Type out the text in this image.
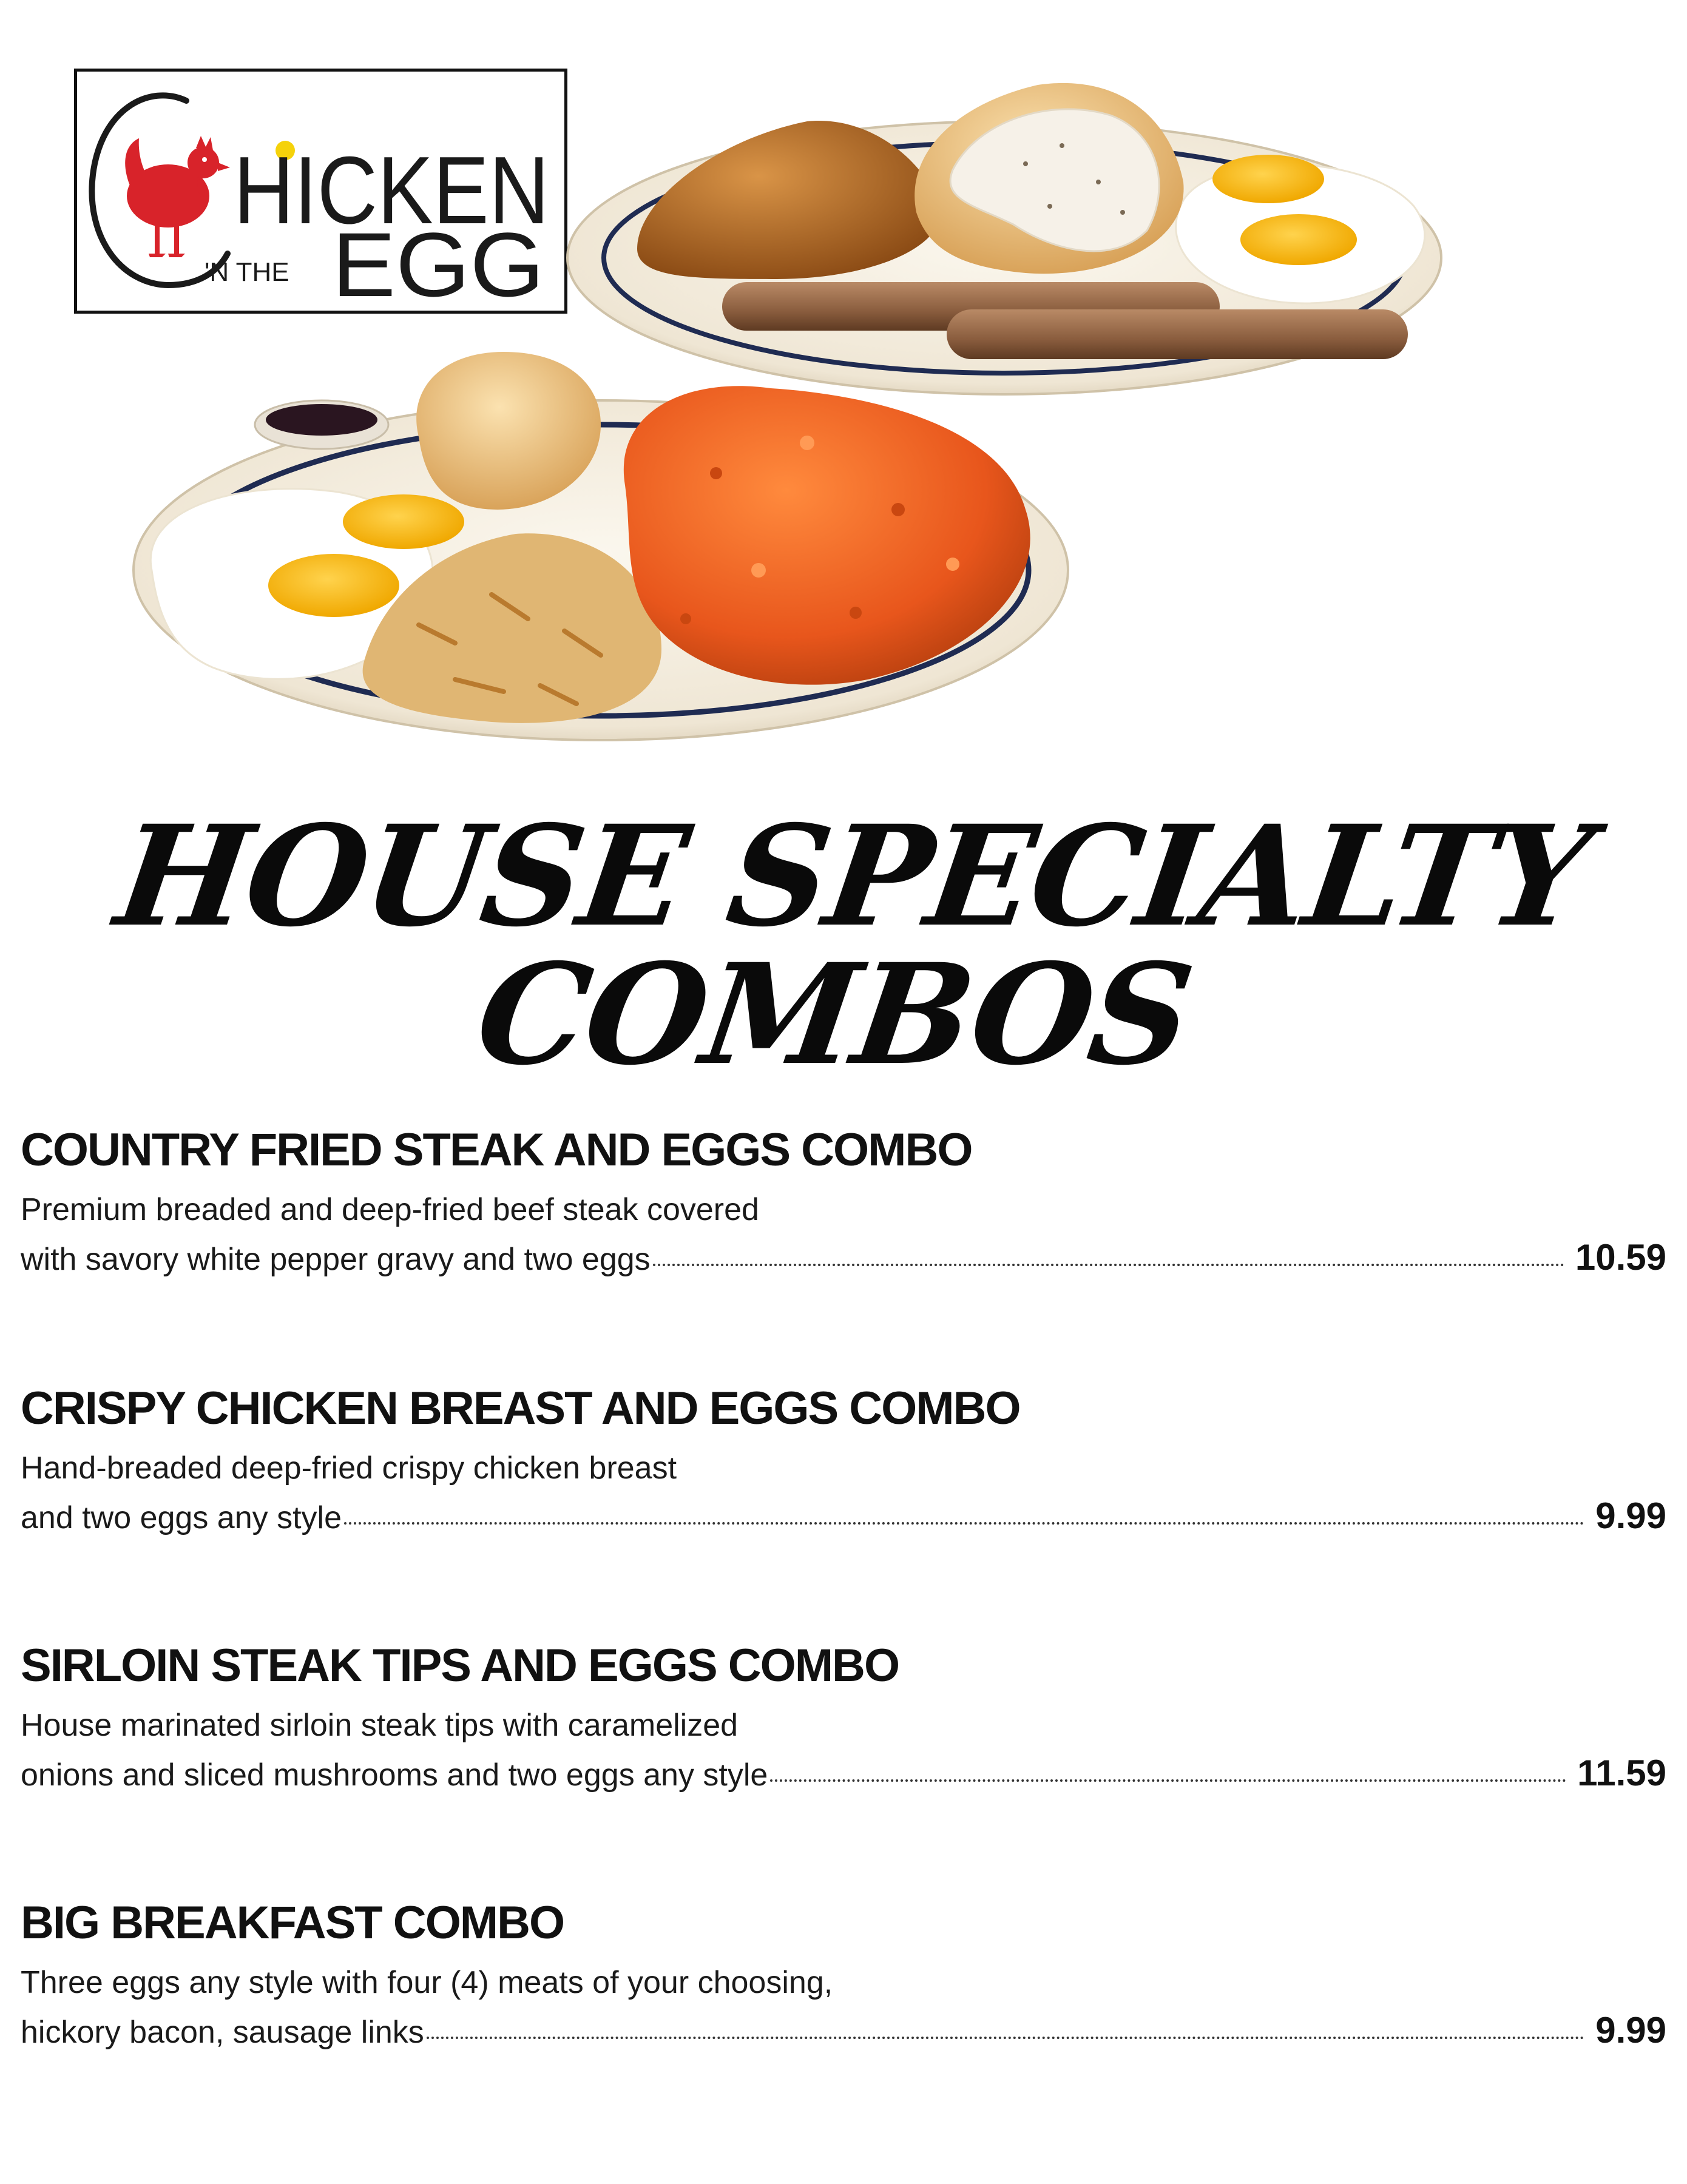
HICKEN
'N THE EGG
HOUSE SPECIALTY COMBOS
COUNTRY FRIED STEAK AND EGGS COMBO
Premium breaded and deep-fried beef steak covered
with savory white pepper gravy and two eggs	10.59
CRISPY CHICKEN BREAST AND EGGS COMBO
Hand-breaded deep-fried crispy chicken breast
and two eggs any style	9.99
SIRLOIN STEAK TIPS AND EGGS COMBO
House marinated sirloin steak tips with caramelized
onions and sliced mushrooms and two eggs any style	11.59
BIG BREAKFAST COMBO
Three eggs any style with four (4) meats of your choosing,
hickory bacon, sausage links	9.99
